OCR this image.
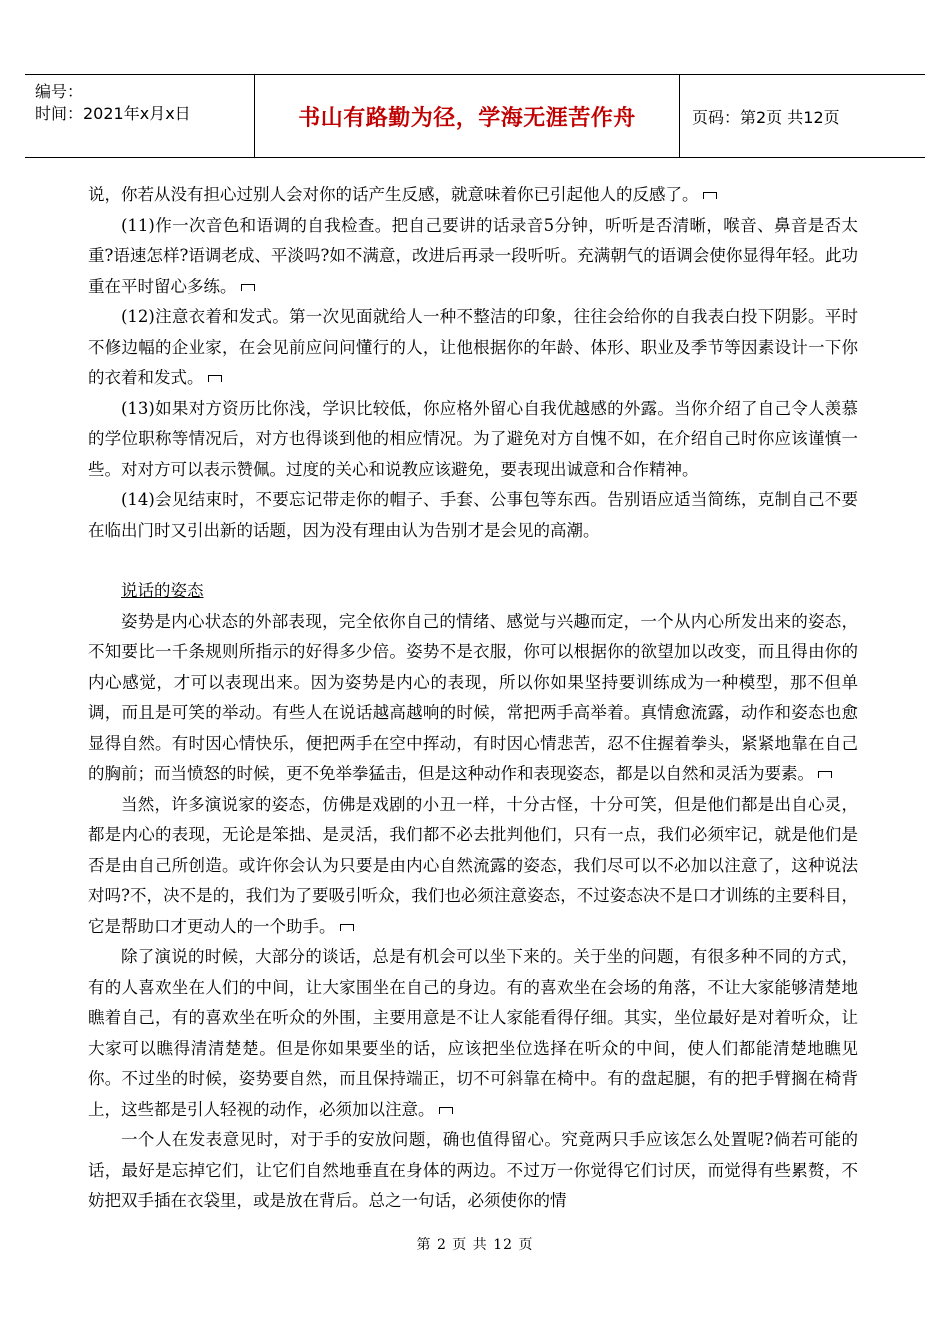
编号：
时间：2021年x月x日	书山有路勤为径，学海无涯苦作舟	页码：第2页 共12页

说，你若从没有担心过别人会对你的话产生反感，就意味着你已引起他人的反感了。

(11)作一次音色和语调的自我检查。把自己要讲的话录音5分钟，听听是否清晰，喉音、鼻音是否太重?语速怎样?语调老成、平淡吗?如不满意，改进后再录一段听听。充满朝气的语调会使你显得年轻。此功重在平时留心多练。

(12)注意衣着和发式。第一次见面就给人一种不整洁的印象，往往会给你的自我表白投下阴影。平时不修边幅的企业家，在会见前应问问懂行的人，让他根据你的年龄、体形、职业及季节等因素设计一下你的衣着和发式。

(13)如果对方资历比你浅，学识比较低，你应格外留心自我优越感的外露。当你介绍了自己令人羡慕的学位职称等情况后，对方也得谈到他的相应情况。为了避免对方自愧不如，在介绍自己时你应该谨慎一些。对对方可以表示赞佩。过度的关心和说教应该避免，要表现出诚意和合作精神。

(14)会见结束时，不要忘记带走你的帽子、手套、公事包等东西。告别语应适当简练，克制自己不要在临出门时又引出新的话题，因为没有理由认为告别才是会见的高潮。

说话的姿态

姿势是内心状态的外部表现，完全依你自己的情绪、感觉与兴趣而定，一个从内心所发出来的姿态，不知要比一千条规则所指示的好得多少倍。姿势不是衣服，你可以根据你的欲望加以改变，而且得由你的内心感觉，才可以表现出来。因为姿势是内心的表现，所以你如果坚持要训练成为一种模型，那不但单调，而且是可笑的举动。有些人在说话越高越响的时候，常把两手高举着。真情愈流露，动作和姿态也愈显得自然。有时因心情快乐，便把两手在空中挥动，有时因心情悲苦，忍不住握着拳头，紧紧地靠在自己的胸前；而当愤怒的时候，更不免举拳猛击，但是这种动作和表现姿态，都是以自然和灵活为要素。

当然，许多演说家的姿态，仿佛是戏剧的小丑一样，十分古怪，十分可笑，但是他们都是出自心灵，都是内心的表现，无论是笨拙、是灵活，我们都不必去批判他们，只有一点，我们必须牢记，就是他们是否是由自己所创造。或许你会认为只要是由内心自然流露的姿态，我们尽可以不必加以注意了，这种说法对吗?不，决不是的，我们为了要吸引听众，我们也必须注意姿态，不过姿态决不是口才训练的主要科目，它是帮助口才更动人的一个助手。

除了演说的时候，大部分的谈话，总是有机会可以坐下来的。关于坐的问题，有很多种不同的方式，有的人喜欢坐在人们的中间，让大家围坐在自己的身边。有的喜欢坐在会场的角落，不让大家能够清楚地瞧着自己，有的喜欢坐在听众的外围，主要用意是不让人家能看得仔细。其实，坐位最好是对着听众，让大家可以瞧得清清楚楚。但是你如果要坐的话，应该把坐位选择在听众的中间，使人们都能清楚地瞧见你。不过坐的时候，姿势要自然，而且保持端正，切不可斜靠在椅中。有的盘起腿，有的把手臂搁在椅背上，这些都是引人轻视的动作，必须加以注意。

一个人在发表意见时，对于手的安放问题，确也值得留心。究竟两只手应该怎么处置呢?倘若可能的话，最好是忘掉它们，让它们自然地垂直在身体的两边。不过万一你觉得它们讨厌，而觉得有些累赘，不妨把双手插在衣袋里，或是放在背后。总之一句话，必须使你的情

第 2 页 共 12 页
